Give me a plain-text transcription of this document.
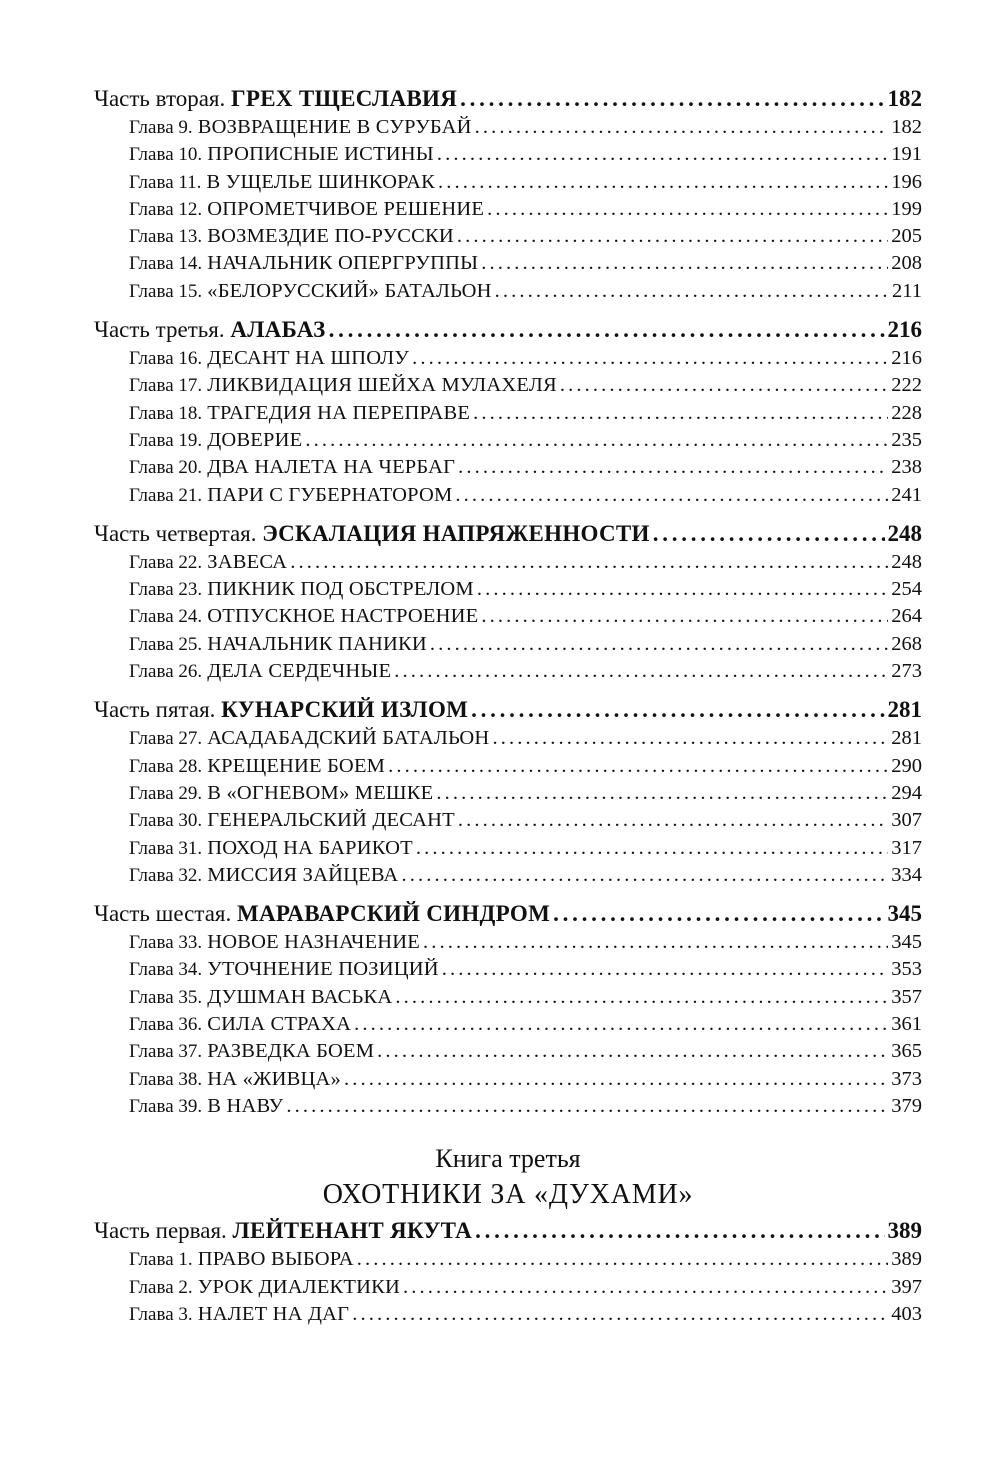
Часть вторая. ГРЕХ ТЩЕСЛАВИЯ . . .	182
Глава 9. ВОЗВРАЩЕНИЕ В СУРУБАЙ . . .	182
Глава 10. ПРОПИСНЫЕ ИСТИНЫ . . .	191
Глава 11. В УЩЕЛЬЕ ШИНКОРАК . . .	196
Глава 12. ОПРОМЕТЧИВОЕ РЕШЕНИЕ . . .	199
Глава 13. ВОЗМЕЗДИЕ ПО-РУССКИ . . .	205
Глава 14. НАЧАЛЬНИК ОПЕРГРУППЫ . . .	208
Глава 15. «БЕЛОРУССКИЙ» БАТАЛЬОН . . .	211
Часть третья. АЛАБАЗ . . .	216
Глава 16. ДЕСАНТ НА ШПОЛУ . . .	216
Глава 17. ЛИКВИДАЦИЯ ШЕЙХА МУЛАХЕЛЯ . . .	222
Глава 18. ТРАГЕДИЯ НА ПЕРЕПРАВЕ . . .	228
Глава 19. ДОВЕРИЕ . . .	235
Глава 20. ДВА НАЛЕТА НА ЧЕРБАГ . . .	238
Глава 21. ПАРИ С ГУБЕРНАТОРОМ . . .	241
Часть четвертая. ЭСКАЛАЦИЯ НАПРЯЖЕННОСТИ . . .	248
Глава 22. ЗАВЕСА . . .	248
Глава 23. ПИКНИК ПОД ОБСТРЕЛОМ . . .	254
Глава 24. ОТПУСКНОЕ НАСТРОЕНИЕ . . .	264
Глава 25. НАЧАЛЬНИК ПАНИКИ . . .	268
Глава 26. ДЕЛА СЕРДЕЧНЫЕ . . .	273
Часть пятая. КУНАРСКИЙ ИЗЛОМ . . .	281
Глава 27. АСАДАБАДСКИЙ БАТАЛЬОН . . .	281
Глава 28. КРЕЩЕНИЕ БОЕМ . . .	290
Глава 29. В «ОГНЕВОМ» МЕШКЕ . . .	294
Глава 30. ГЕНЕРАЛЬСКИЙ ДЕСАНТ . . .	307
Глава 31. ПОХОД НА БАРИКОТ . . .	317
Глава 32. МИССИЯ ЗАЙЦЕВА . . .	334
Часть шестая. МАРАВАРСКИЙ СИНДРОМ . . .	345
Глава 33. НОВОЕ НАЗНАЧЕНИЕ . . .	345
Глава 34. УТОЧНЕНИЕ ПОЗИЦИЙ . . .	353
Глава 35. ДУШМАН ВАСЬКА . . .	357
Глава 36. СИЛА СТРАХА . . .	361
Глава 37. РАЗВЕДКА БОЕМ . . .	365
Глава 38. НА «ЖИВЦА» . . .	373
Глава 39. В НАВУ . . .	379
Книга третья
ОХОТНИКИ ЗА «ДУХАМИ»
Часть первая. ЛЕЙТЕНАНТ ЯКУТА . . .	389
Глава 1. ПРАВО ВЫБОРА . . .	389
Глава 2. УРОК ДИАЛЕКТИКИ . . .	397
Глава 3. НАЛЕТ НА ДАГ . . .	403
